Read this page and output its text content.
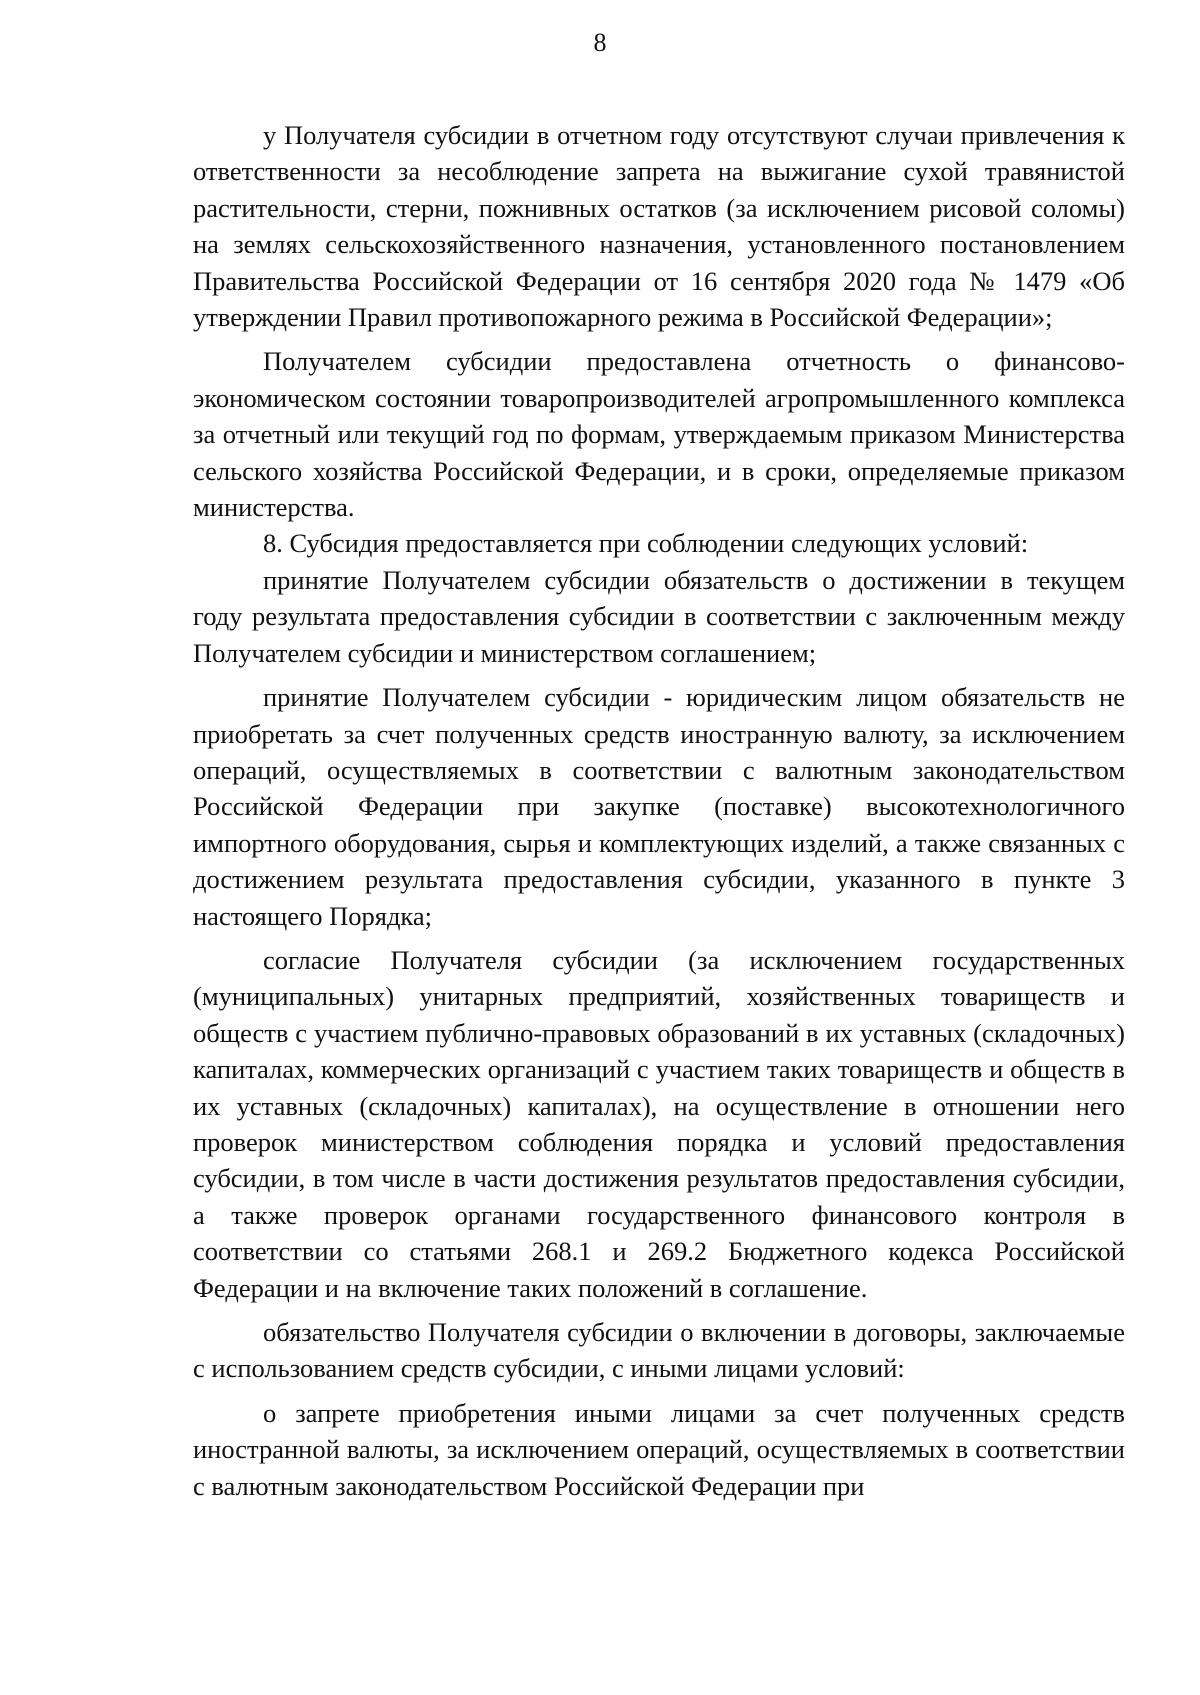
8

у Получателя субсидии в отчетном году отсутствуют случаи привлечения к ответственности за несоблюдение запрета на выжигание сухой травянистой растительности, стерни, пожнивных остатков (за исключением рисовой соломы) на землях сельскохозяйственного назначения, установленного постановлением Правительства Российской Федерации от 16 сентября 2020 года № 1479 «Об утверждении Правил противопожарного режима в Российской Федерации»;

Получателем субсидии предоставлена отчетность о финансово-экономическом состоянии товаропроизводителей агропромышленного комплекса за отчетный или текущий год по формам, утверждаемым приказом Министерства сельского хозяйства Российской Федерации, и в сроки, определяемые приказом министерства.

8. Субсидия предоставляется при соблюдении следующих условий:

принятие Получателем субсидии обязательств о достижении в текущем году результата предоставления субсидии в соответствии с заключенным между Получателем субсидии и министерством соглашением;

принятие Получателем субсидии - юридическим лицом обязательств не приобретать за счет полученных средств иностранную валюту, за исключением операций, осуществляемых в соответствии с валютным законодательством Российской Федерации при закупке (поставке) высокотехнологичного импортного оборудования, сырья и комплектующих изделий, а также связанных с достижением результата предоставления субсидии, указанного в пункте 3 настоящего Порядка;

согласие Получателя субсидии (за исключением государственных (муниципальных) унитарных предприятий, хозяйственных товариществ и обществ с участием публично-правовых образований в их уставных (складочных) капиталах, коммерческих организаций с участием таких товариществ и обществ в их уставных (складочных) капиталах), на осуществление в отношении него проверок министерством соблюдения порядка и условий предоставления субсидии, в том числе в части достижения результатов предоставления субсидии, а также проверок органами государственного финансового контроля в соответствии со статьями 268.1 и 269.2 Бюджетного кодекса Российской Федерации и на включение таких положений в соглашение.

обязательство Получателя субсидии о включении в договоры, заключаемые с использованием средств субсидии, с иными лицами условий:

о запрете приобретения иными лицами за счет полученных средств иностранной валюты, за исключением операций, осуществляемых в соответствии с валютным законодательством Российской Федерации при
